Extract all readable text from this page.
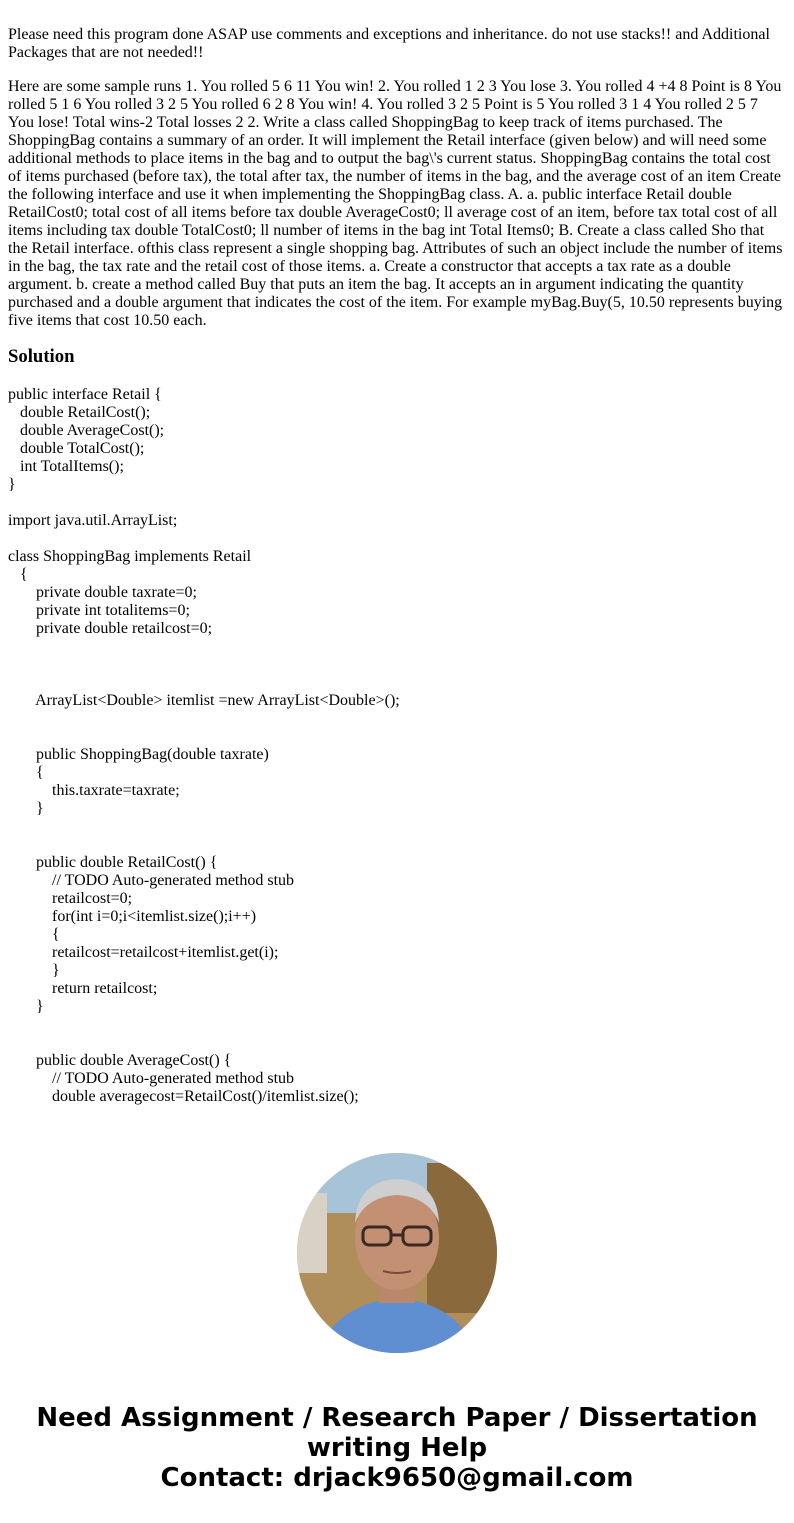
Please need this program done ASAP use comments and exceptions and inheritance. do not use stacks!! and Additional Packages that are not needed!!

Here are some sample runs 1. You rolled 5 6 11 You win! 2. You rolled 1 2 3 You lose 3. You rolled 4 +4 8 Point is 8 You rolled 5 1 6 You rolled 3 2 5 You rolled 6 2 8 You win! 4. You rolled 3 2 5 Point is 5 You rolled 3 1 4 You rolled 2 5 7 You lose! Total wins-2 Total losses 2 2. Write a class called ShoppingBag to keep track of items purchased. The ShoppingBag contains a summary of an order. It will implement the Retail interface (given below) and will need some additional methods to place items in the bag and to output the bag\'s current status. ShoppingBag contains the total cost of items purchased (before tax), the total after tax, the number of items in the bag, and the average cost of an item Create the following interface and use it when implementing the ShoppingBag class. A. a. public interface Retail double RetailCost0; total cost of all items before tax double AverageCost0; ll average cost of an item, before tax total cost of all items including tax double TotalCost0; ll number of items in the bag int Total Items0; B. Create a class called Sho that the Retail interface. ofthis class represent a single shopping bag. Attributes of such an object include the number of items in the bag, the tax rate and the retail cost of those items. a. Create a constructor that accepts a tax rate as a double argument. b. create a method called Buy that puts an item the bag. It accepts an in argument indicating the quantity purchased and a double argument that indicates the cost of the item. For example myBag.Buy(5, 10.50 represents buying five items that cost 10.50 each.

Solution

public interface Retail {
double RetailCost();
double AverageCost();
double TotalCost();
int TotalItems();
}

import java.util.ArrayList;

class ShoppingBag implements Retail
{
private double taxrate=0;
private int totalitems=0;
private double retailcost=0;

ArrayList<Double> itemlist =new ArrayList<Double>();

public ShoppingBag(double taxrate)
{
this.taxrate=taxrate;
}

public double RetailCost() {
// TODO Auto-generated method stub
retailcost=0;
for(int i=0;i<itemlist.size();i++)
{
retailcost=retailcost+itemlist.get(i);
}
return retailcost;
}

public double AverageCost() {
// TODO Auto-generated method stub
double averagecost=RetailCost()/itemlist.size();
Need Assignment / Research Paper / Dissertation
writing Help
Contact: drjack9650@gmail.com
